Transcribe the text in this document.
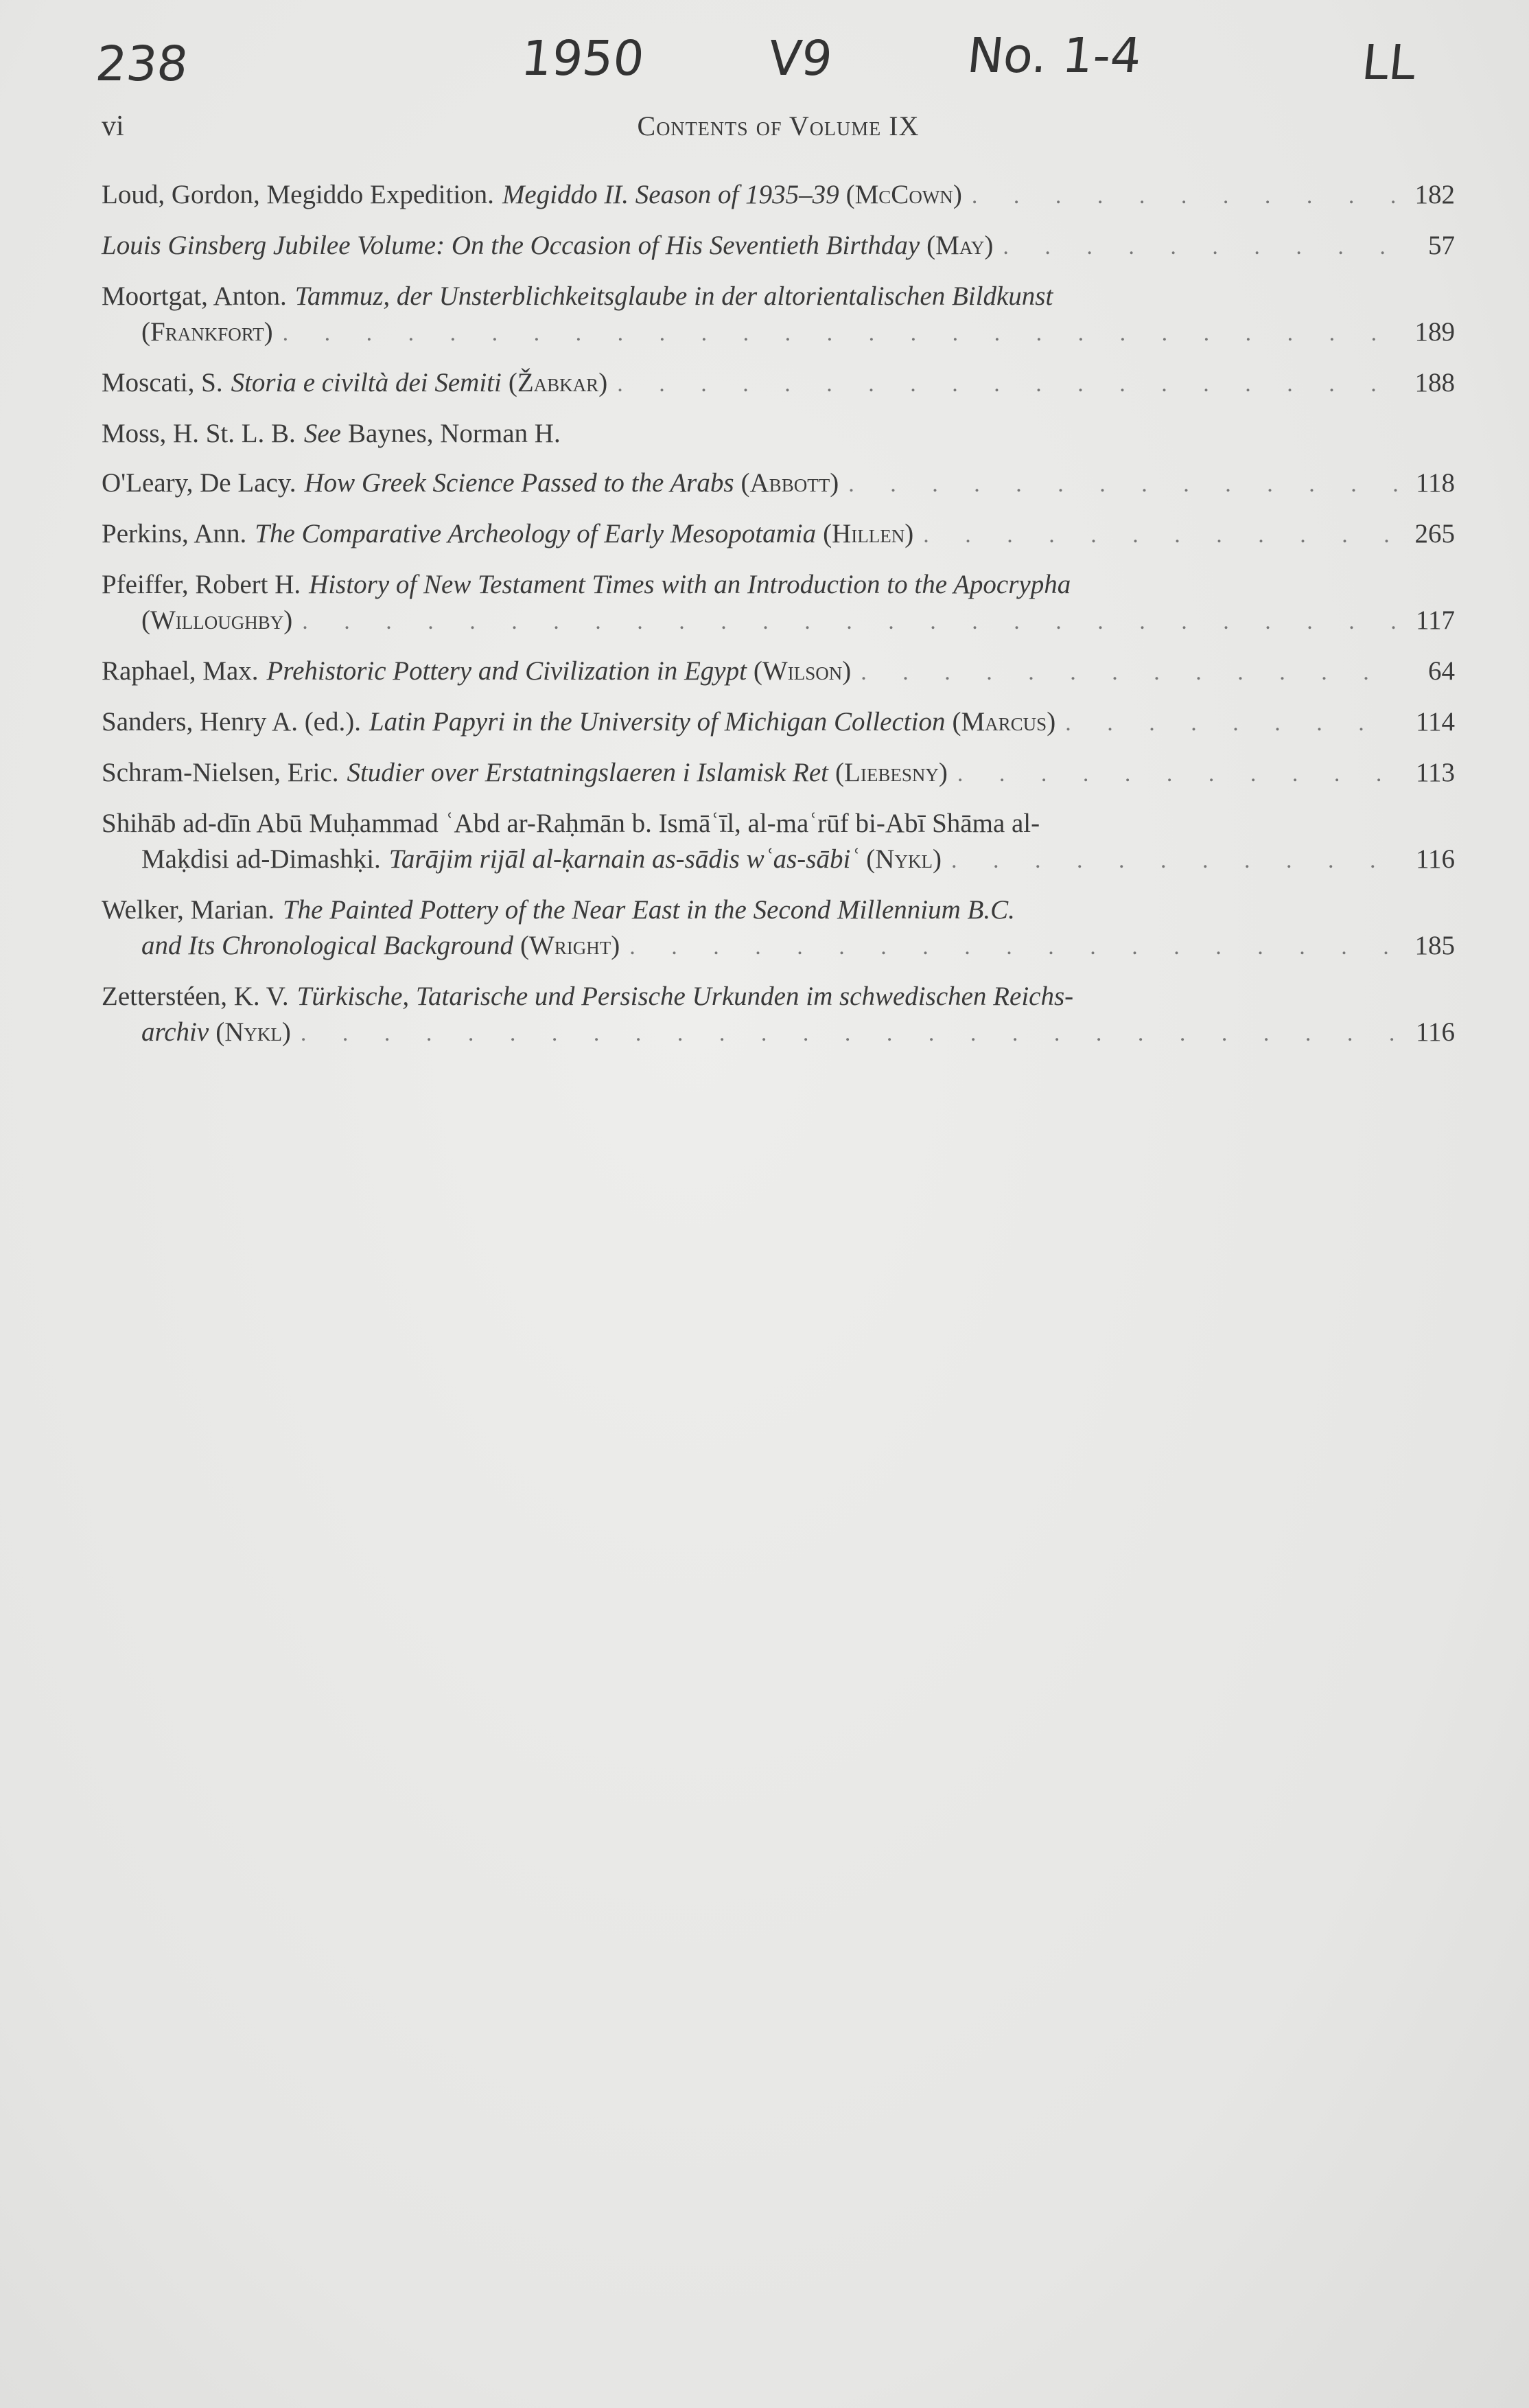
238	1950 V9	No. 1-4	LL
vi	Contents of Volume IX
Loud, Gordon, Megiddo Expedition. Megiddo II. Season of 1935–39 ( McCown ) . . .	182
Louis Ginsberg Jubilee Volume: On the Occasion of His Seventieth Birthday ( May ) . . .	57
Moortgat, Anton. Tammuz, der Unsterblichkeitsglaube in der altorientalischen Bildkunst
( Frankfort ) . . .	189
Moscati, S. Storia e civiltà dei Semiti ( Žabkar ) . . .	188
Moss, H. St. L. B. See Baynes, Norman H.
O'Leary, De Lacy. How Greek Science Passed to the Arabs ( Abbott ) . . .	118
Perkins, Ann. The Comparative Archeology of Early Mesopotamia ( Hillen ) . . .	265
Pfeiffer, Robert H. History of New Testament Times with an Introduction to the Apocrypha
( Willoughby ) . . .	117
Raphael, Max. Prehistoric Pottery and Civilization in Egypt ( Wilson ) . . .	64
Sanders, Henry A. (ed.). Latin Papyri in the University of Michigan Collection ( Marcus ) . . .	114
Schram-Nielsen, Eric. Studier over Erstatningslaeren i Islamisk Ret ( Liebesny ) . . .	113
Shihāb ad-dīn Abū Muḥammad ʿAbd ar-Raḥmān b. Ismāʿīl, al-maʿrūf bi-Abī Shāma al-
Maḳdisi ad-Dimashḳi. Tarājim rijāl al-ḳarnain as-sādis wʿas-sābiʿ ( Nykl ) . . .	116
Welker, Marian. The Painted Pottery of the Near East in the Second Millennium B.C.
and Its Chronological Background ( Wright ) . . .	185
Zetterstéen, K. V. Türkische, Tatarische und Persische Urkunden im schwedischen Reichs-
archiv ( Nykl ) . . .	116
